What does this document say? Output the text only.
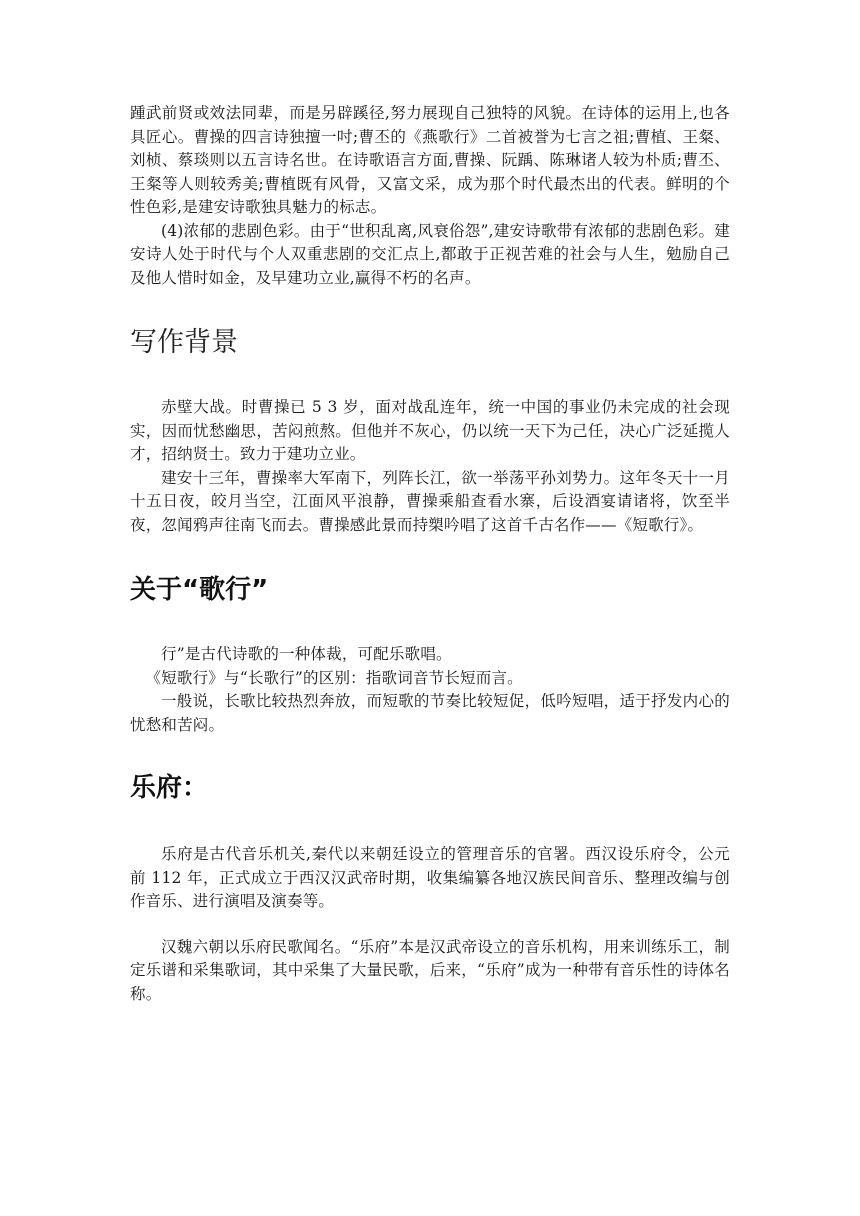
踵武前贤或效法同辈，而是另辟蹊径,努力展现自己独特的风貌。在诗体的运用上,也各具匠心。曹操的四言诗独擅一吋;曹丕的《燕歌行》二首被誉为七言之祖;曹植、王粲、刘桢、蔡琰则以五言诗名世。在诗歌语言方面,曹操、阮踽、陈琳诸人较为朴质;曹丕、王粲等人则较秀美;曹植既有风骨，又富文采，成为那个时代最杰出的代表。鲜明的个性色彩,是建安诗歌独具魅力的标志。

(4)浓郁的悲剧色彩。由于“世积乱离,风衰俗怨”,建安诗歌带有浓郁的悲剧色彩。建安诗人处于时代与个人双重悲剧的交汇点上,都敢于正视苦难的社会与人生，勉励自己及他人惜时如金，及早建功立业,赢得不朽的名声。

写作背景

赤壁大战。时曹操已 5 3 岁，面对战乱连年，统一中国的事业仍未完成的社会现实，因而忧愁幽思，苦闷煎熬。但他并不灰心，仍以统一天下为己任，决心广泛延揽人才，招纳贤士。致力于建功立业。

建安十三年，曹操率大军南下，列阵长江，欲一举荡平孙刘势力。这年冬天十一月十五日夜，皎月当空，江面风平浪静，曹操乘船查看水寨，后设酒宴请诸将，饮至半夜，忽闻鸦声往南飞而去。曹操感此景而持槊吟唱了这首千古名作——《短歌行》。

关于“歌行”

行”是古代诗歌的一种体裁，可配乐歌唱。

《短歌行》与“长歌行”的区别：指歌词音节长短而言。

一般说，长歌比较热烈奔放，而短歌的节奏比较短促，低吟短唱，适于抒发内心的忧愁和苦闷。

乐府：

乐府是古代音乐机关,秦代以来朝廷设立的管理音乐的官署。西汉设乐府令，公元前 112 年，正式成立于西汉汉武帝时期，收集编纂各地汉族民间音乐、整理改编与创作音乐、进行演唱及演奏等。

汉魏六朝以乐府民歌闻名。“乐府”本是汉武帝设立的音乐机构，用来训练乐工，制定乐谱和采集歌词，其中采集了大量民歌，后来，“乐府”成为一种带有音乐性的诗体名称。
